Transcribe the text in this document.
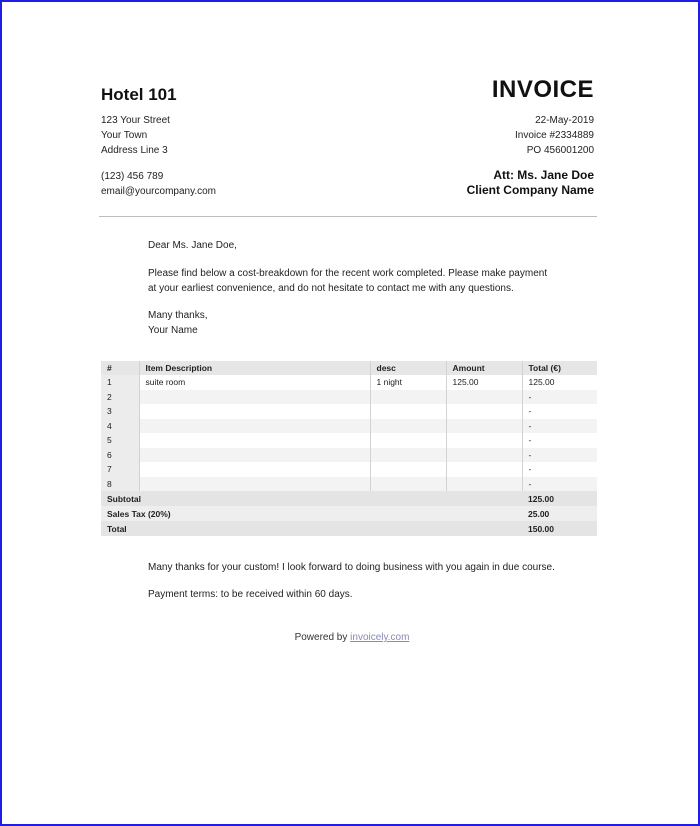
Hotel 101	INVOICE
123 Your Street
Your Town
Address Line 3
(123) 456 789
email@yourcompany.com
22-May-2019
Invoice #2334889
PO 456001200
Att: Ms. Jane Doe
Client Company Name
Dear Ms. Jane Doe,
Please find below a cost-breakdown for the recent work completed. Please make payment
at your earliest convenience, and do not hesitate to contact me with any questions.
Many thanks,
Your Name
#	Item Description	desc	Amount	Total (€)
1	suite room	1 night	125.00	125.00
2				-
3				-
4				-
5				-
6				-
7				-
8				-
Subtotal				125.00
Sales Tax (20%)				25.00
Total				150.00
Many thanks for your custom! I look forward to doing business with you again in due course.
Payment terms: to be received within 60 days.
Powered by invoicely.com
